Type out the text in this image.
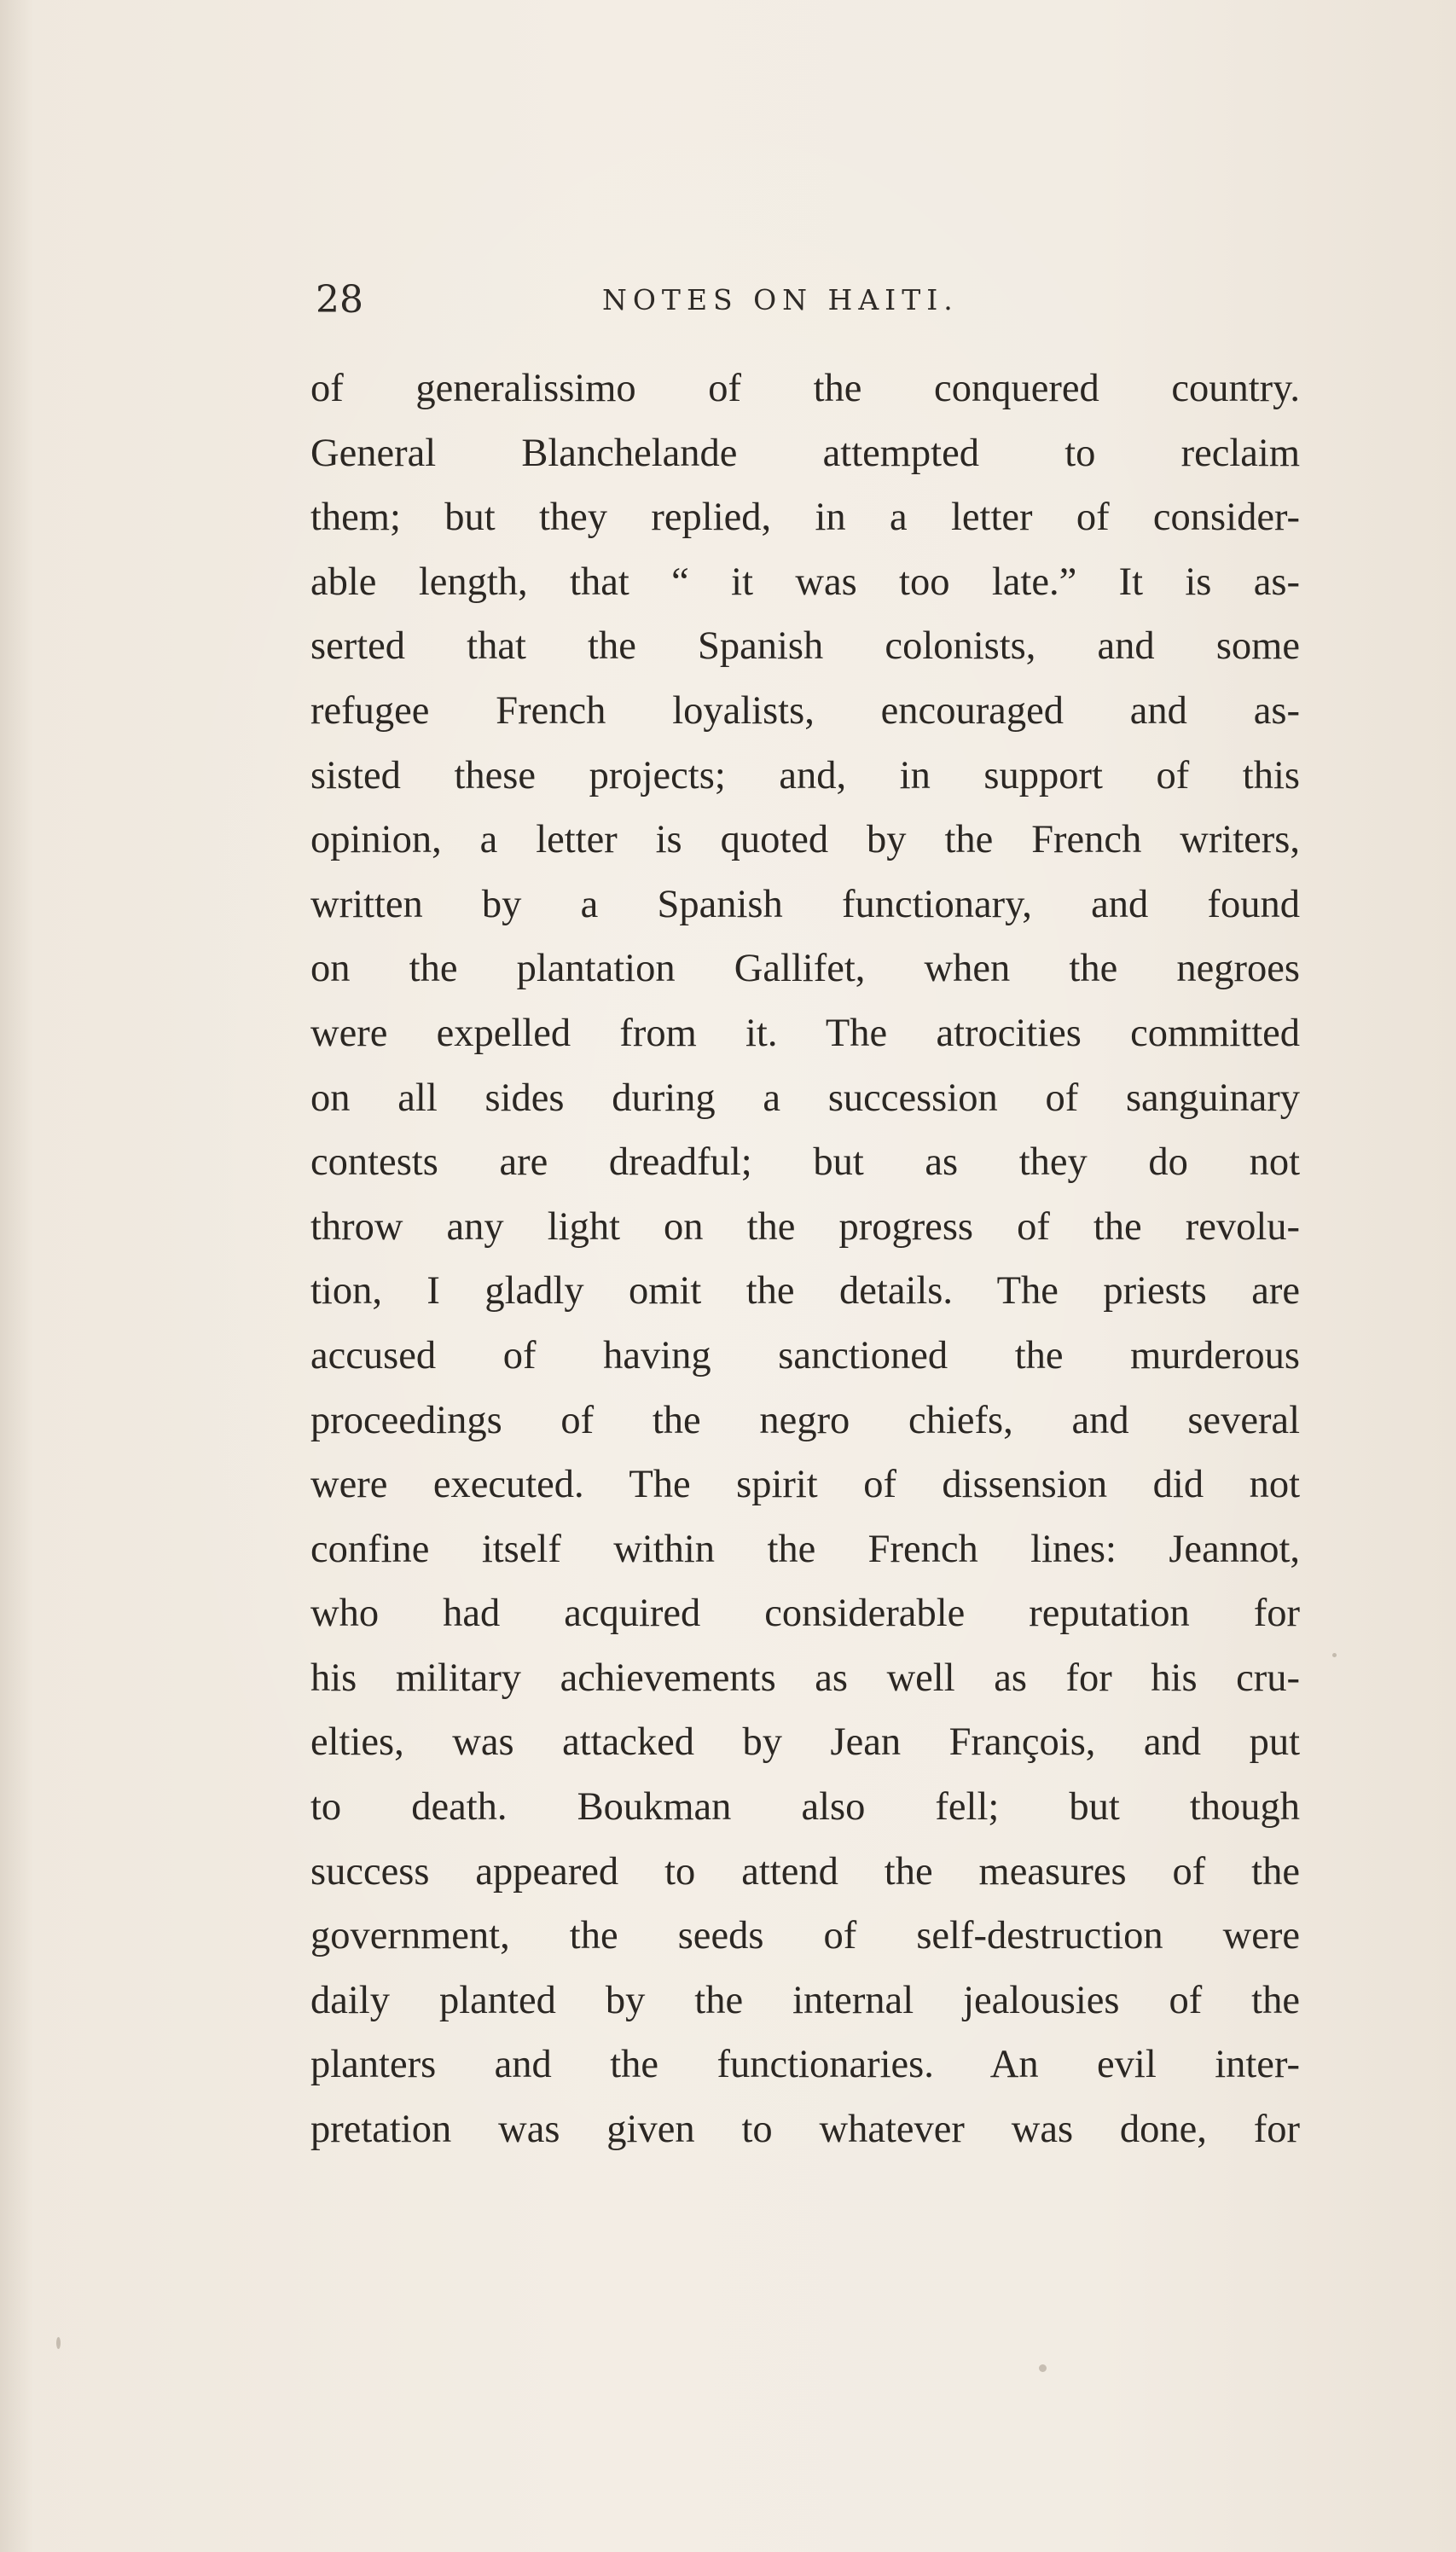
28	NOTES ON HAITI.
of generalissimo of the conquered country.
General Blanchelande attempted to reclaim
them; but they replied, in a letter of consider-
able length, that “ it was too late.” It is as-
serted that the Spanish colonists, and some
refugee French loyalists, encouraged and as-
sisted these projects; and, in support of this
opinion, a letter is quoted by the French writers,
written by a Spanish functionary, and found
on the plantation Gallifet, when the negroes
were expelled from it. The atrocities committed
on all sides during a succession of sanguinary
contests are dreadful; but as they do not
throw any light on the progress of the revolu-
tion, I gladly omit the details. The priests are
accused of having sanctioned the murderous
proceedings of the negro chiefs, and several
were executed. The spirit of dissension did not
confine itself within the French lines: Jeannot,
who had acquired considerable reputation for
his military achievements as well as for his cru-
elties, was attacked by Jean François, and put
to death. Boukman also fell; but though
success appeared to attend the measures of the
government, the seeds of self-destruction were
daily planted by the internal jealousies of the
planters and the functionaries. An evil inter-
pretation was given to whatever was done, for
